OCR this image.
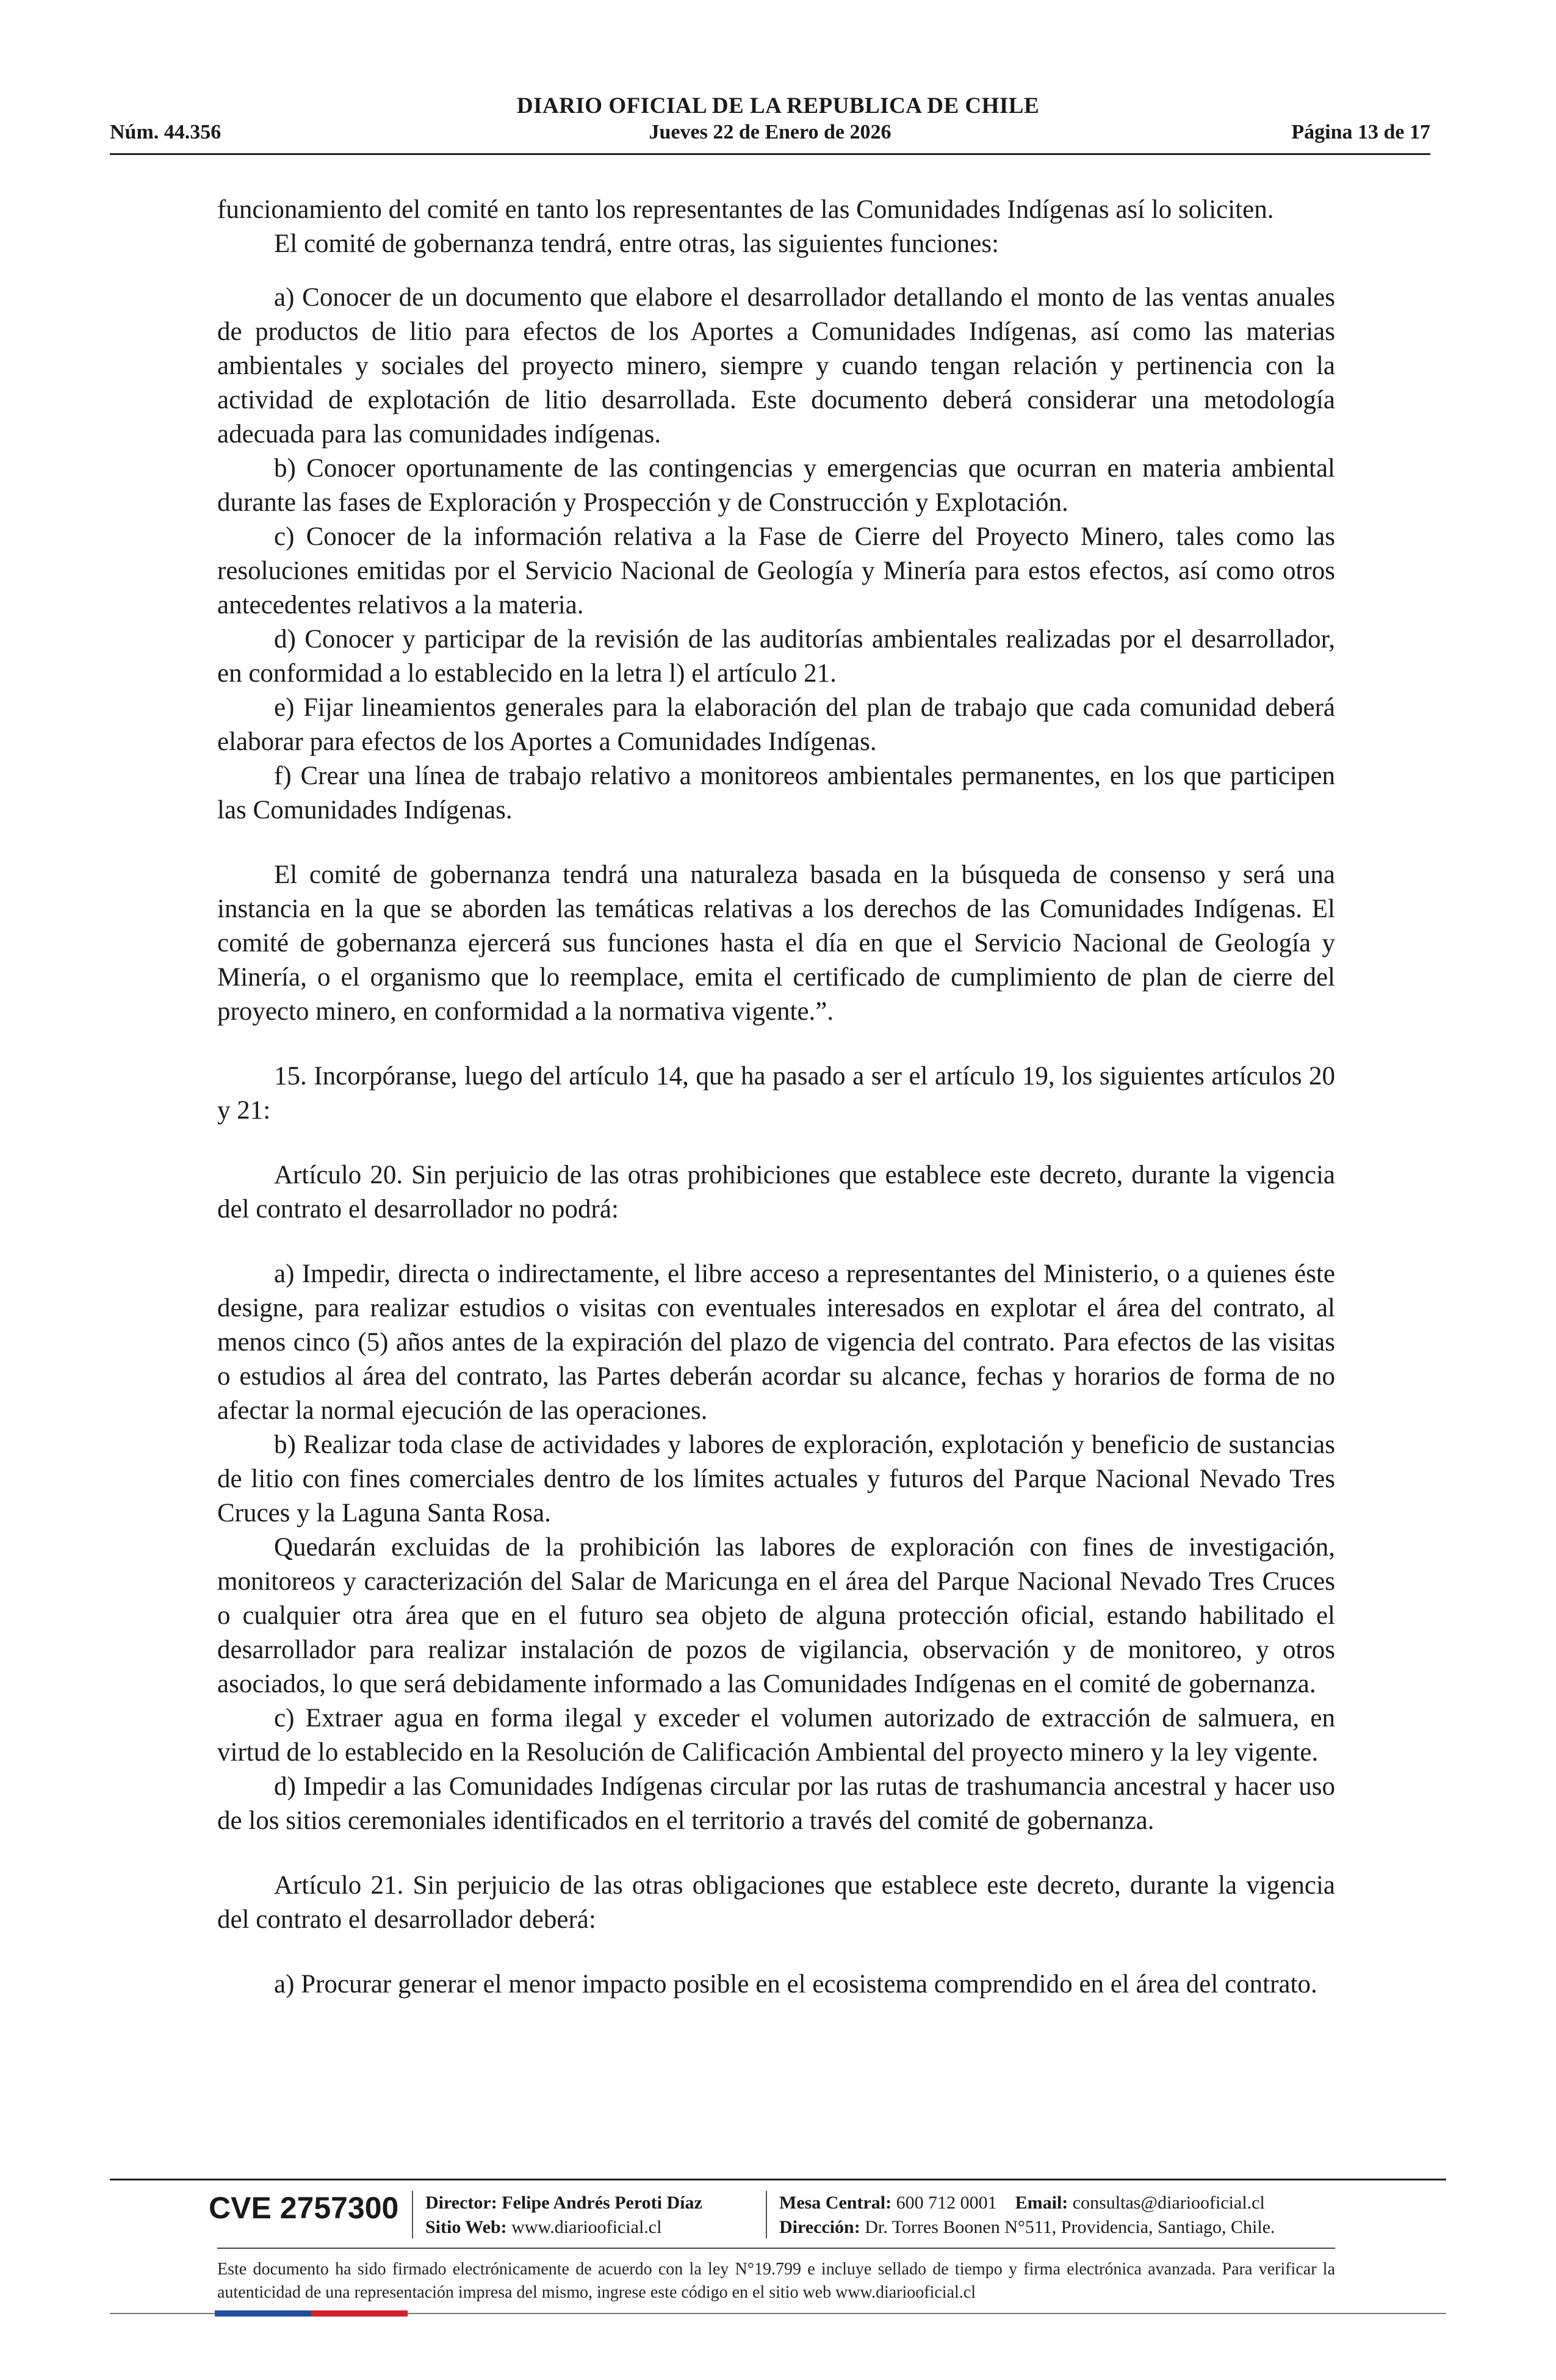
DIARIO OFICIAL DE LA REPUBLICA DE CHILE
Núm. 44.356	Jueves 22 de Enero de 2026	Página 13 de 17

funcionamiento del comité en tanto los representantes de las Comunidades Indígenas así lo soliciten.

El comité de gobernanza tendrá, entre otras, las siguientes funciones:

a) Conocer de un documento que elabore el desarrollador detallando el monto de las ventas anuales de productos de litio para efectos de los Aportes a Comunidades Indígenas, así como las materias ambientales y sociales del proyecto minero, siempre y cuando tengan relación y pertinencia con la actividad de explotación de litio desarrollada. Este documento deberá considerar una metodología adecuada para las comunidades indígenas.

b) Conocer oportunamente de las contingencias y emergencias que ocurran en materia ambiental durante las fases de Exploración y Prospección y de Construcción y Explotación.

c) Conocer de la información relativa a la Fase de Cierre del Proyecto Minero, tales como las resoluciones emitidas por el Servicio Nacional de Geología y Minería para estos efectos, así como otros antecedentes relativos a la materia.

d) Conocer y participar de la revisión de las auditorías ambientales realizadas por el desarrollador, en conformidad a lo establecido en la letra l) el artículo 21.

e) Fijar lineamientos generales para la elaboración del plan de trabajo que cada comunidad deberá elaborar para efectos de los Aportes a Comunidades Indígenas.

f) Crear una línea de trabajo relativo a monitoreos ambientales permanentes, en los que participen las Comunidades Indígenas.

El comité de gobernanza tendrá una naturaleza basada en la búsqueda de consenso y será una instancia en la que se aborden las temáticas relativas a los derechos de las Comunidades Indígenas. El comité de gobernanza ejercerá sus funciones hasta el día en que el Servicio Nacional de Geología y Minería, o el organismo que lo reemplace, emita el certificado de cumplimiento de plan de cierre del proyecto minero, en conformidad a la normativa vigente.”.

15. Incorpóranse, luego del artículo 14, que ha pasado a ser el artículo 19, los siguientes artículos 20 y 21:

Artículo 20. Sin perjuicio de las otras prohibiciones que establece este decreto, durante la vigencia del contrato el desarrollador no podrá:

a) Impedir, directa o indirectamente, el libre acceso a representantes del Ministerio, o a quienes éste designe, para realizar estudios o visitas con eventuales interesados en explotar el área del contrato, al menos cinco (5) años antes de la expiración del plazo de vigencia del contrato. Para efectos de las visitas o estudios al área del contrato, las Partes deberán acordar su alcance, fechas y horarios de forma de no afectar la normal ejecución de las operaciones.

b) Realizar toda clase de actividades y labores de exploración, explotación y beneficio de sustancias de litio con fines comerciales dentro de los límites actuales y futuros del Parque Nacional Nevado Tres Cruces y la Laguna Santa Rosa.

Quedarán excluidas de la prohibición las labores de exploración con fines de investigación, monitoreos y caracterización del Salar de Maricunga en el área del Parque Nacional Nevado Tres Cruces o cualquier otra área que en el futuro sea objeto de alguna protección oficial, estando habilitado el desarrollador para realizar instalación de pozos de vigilancia, observación y de monitoreo, y otros asociados, lo que será debidamente informado a las Comunidades Indígenas en el comité de gobernanza.

c) Extraer agua en forma ilegal y exceder el volumen autorizado de extracción de salmuera, en virtud de lo establecido en la Resolución de Calificación Ambiental del proyecto minero y la ley vigente.

d) Impedir a las Comunidades Indígenas circular por las rutas de trashumancia ancestral y hacer uso de los sitios ceremoniales identificados en el territorio a través del comité de gobernanza.

Artículo 21. Sin perjuicio de las otras obligaciones que establece este decreto, durante la vigencia del contrato el desarrollador deberá:

a) Procurar generar el menor impacto posible en el ecosistema comprendido en el área del contrato.

CVE 2757300 Director: Felipe Andrés Peroti Díaz
Sitio Web: www.diariooficial.cl
Mesa Central: 600 712 0001 Email: consultas@diariooficial.cl
Dirección: Dr. Torres Boonen N°511, Providencia, Santiago, Chile.
Este documento ha sido firmado electrónicamente de acuerdo con la ley N°19.799 e incluye sellado de tiempo y firma electrónica avanzada. Para verificar la autenticidad de una representación impresa del mismo, ingrese este código en el sitio web www.diariooficial.cl
